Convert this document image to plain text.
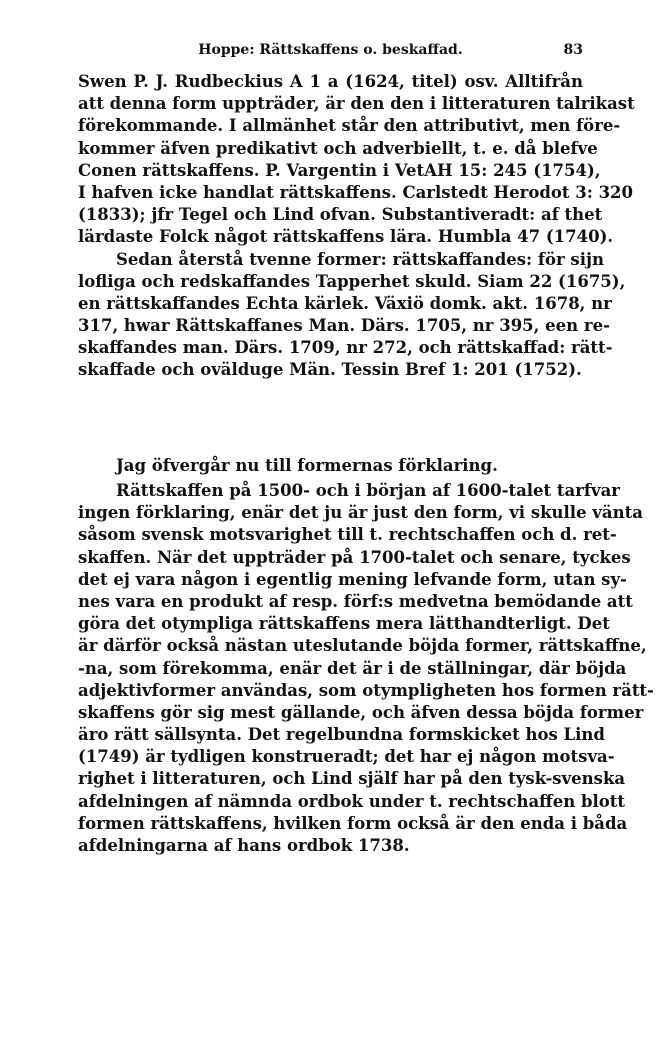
Hoppe: Rättskaffens o. beskaffad.	83
Swen P. J. Rudbeckius A 1 a (1624, titel) osv. Alltifrån
att denna form uppträder, är den den i litteraturen talrikast
förekommande. I allmänhet står den attributivt, men före-
kommer äfven predikativt och adverbiellt, t. e. då blefve
Conen rättskaffens. P. Vargentin i VetAH 15: 245 (1754),
I hafven icke handlat rättskaffens. Carlstedt Herodot 3: 320
(1833); jfr Tegel och Lind ofvan. Substantiveradt: af thet
lärdaste Folck något rättskaffens lära. Humbla 47 (1740).
Sedan återstå tvenne former: rättskaffandes: för sijn
lofliga och redskaffandes Tapperhet skuld. Siam 22 (1675),
en rättskaffandes Echta kärlek. Växiö domk. akt. 1678, nr
317, hwar Rättskaffanes Man. Därs. 1705, nr 395, een re-
skaffandes man. Därs. 1709, nr 272, och rättskaffad: rätt-
skaffade och ovälduge Män. Tessin Bref 1: 201 (1752).
Jag öfvergår nu till formernas förklaring.
Rättskaffen på 1500- och i början af 1600-talet tarfvar
ingen förklaring, enär det ju är just den form, vi skulle vänta
såsom svensk motsvarighet till t. rechtschaffen och d. ret-
skaffen. När det uppträder på 1700-talet och senare, tyckes
det ej vara någon i egentlig mening lefvande form, utan sy-
nes vara en produkt af resp. förf:s medvetna bemödande att
göra det otympliga rättskaffens mera lätthandterligt. Det
är därför också nästan uteslutande böjda former, rättskaffne,
-na, som förekomma, enär det är i de ställningar, där böjda
adjektivformer användas, som otympligheten hos formen rätt-
skaffens gör sig mest gällande, och äfven dessa böjda former
äro rätt sällsynta. Det regelbundna formskicket hos Lind
(1749) är tydligen konstrueradt; det har ej någon motsva-
righet i litteraturen, och Lind själf har på den tysk-svenska
afdelningen af nämnda ordbok under t. rechtschaffen blott
formen rättskaffens, hvilken form också är den enda i båda
afdelningarna af hans ordbok 1738.
